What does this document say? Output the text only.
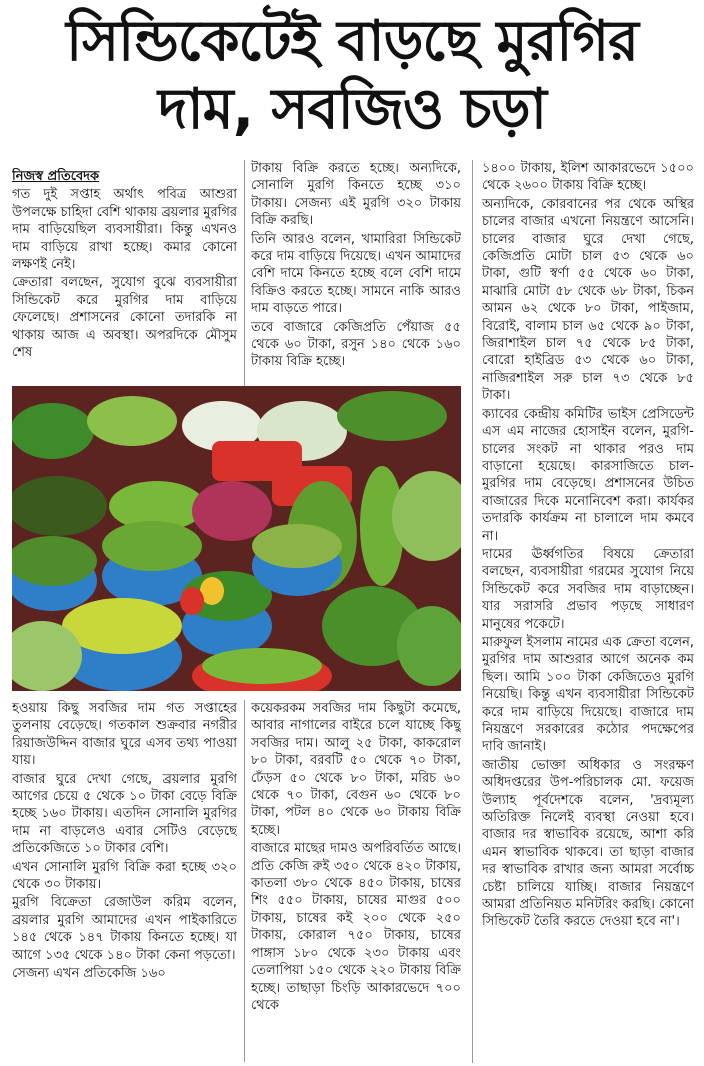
সিন্ডিকেটেই বাড়ছে মুরগির
দাম, সবজিও চড়া

নিজস্ব প্রতিবেদক

গত দুই সপ্তাহ অর্থাৎ পবিত্র আশুরা উপলক্ষে চাহিদা বেশি থাকায় ব্রয়লার মুরগির দাম বাড়িয়েছিল ব্যবসায়ীরা। কিন্তু এখনও দাম বাড়িয়ে রাখা হচ্ছে। কমার কোনো লক্ষণই নেই।

ক্রেতারা বলছেন, সুযোগ বুঝে ব্যবসায়ীরা সিন্ডিকেট করে মুরগির দাম বাড়িয়ে ফেলেছে। প্রশাসনের কোনো তদারকি না থাকায় আজ এ অবস্থা। অপরদিকে মৌসুম শেষ

টাকায় বিক্রি করতে হচ্ছে। অন্যদিকে, সোনালি মুরগি কিনতে হচ্ছে ৩১০ টাকায়। সেজন্য এই মুরগি ৩২০ টাকায় বিক্রি করছি।

তিনি আরও বলেন, খামারিরা সিন্ডিকেট করে দাম বাড়িয়ে দিয়েছে। এখন আমাদের বেশি দামে কিনতে হচ্ছে বলে বেশি দামে বিক্রিও করতে হচ্ছে। সামনে নাকি আরও দাম বাড়তে পারে।

তবে বাজারে কেজিপ্রতি পেঁয়াজ ৫৫ থেকে ৬০ টাকা, রসুন ১৪০ থেকে ১৬০ টাকায় বিক্রি হচ্ছে।

১৪০০ টাকায়, ইলিশ আকারভেদে ১৫০০ থেকে ২৬০০ টাকায় বিক্রি হচ্ছে।

অন্যদিকে, কোরবানের পর থেকে অস্থির চালের বাজার এখনো নিয়ন্ত্রণে আসেনি। চালের বাজার ঘুরে দেখা গেছে, কেজিপ্রতি মোটা চাল ৫৩ থেকে ৬০ টাকা, গুটি স্বর্ণা ৫৫ থেকে ৬০ টাকা, মাঝারি মোটা ৫৮ থেকে ৬৮ টাকা, চিকন আমন ৬২ থেকে ৮০ টাকা, পাইজাম, বিরোই, বালাম চাল ৬৫ থেকে ৯০ টাকা, জিরাশাইল চাল ৭৫ থেকে ৮৫ টাকা, বোরো হাইব্রিড ৫৩ থেকে ৬০ টাকা, নাজিরশাইল সরু চাল ৭৩ থেকে ৮৫ টাকা।

ক্যাবের কেন্দ্রীয় কমিটির ভাইস প্রেসিডেন্ট এস এম নাজের হোসাইন বলেন, মুরগি-চালের সংকট না থাকার পরও দাম বাড়ানো হয়েছে। কারসাজিতে চাল-মুরগির দাম বেড়েছে। প্রশাসনের উচিত বাজারের দিকে মনোনিবেশ করা। কার্যকর তদারকি কার্যক্রম না চালালে দাম কমবে না।

দামের ঊর্ধ্বগতির বিষয়ে ক্রেতারা বলছেন, ব্যবসায়ীরা গরমের সুযোগ নিয়ে সিন্ডিকেট করে সবজির দাম বাড়াচ্ছেন। যার সরাসরি প্রভাব পড়ছে সাধারণ মানুষের পকেটে।

মারুফুল ইসলাম নামের এক ক্রেতা বলেন, মুরগির দাম আশুরার আগে অনেক কম ছিল। আমি ১০০ টাকা কেজিতেও মুরগি নিয়েছি। কিন্তু এখন ব্যবসায়ীরা সিন্ডিকেট করে দাম বাড়িয়ে দিয়েছে। বাজারে দাম নিয়ন্ত্রণে সরকারের কঠোর পদক্ষেপের দাবি জানাই।

জাতীয় ভোক্তা অধিকার ও সংরক্ষণ অধিদপ্তরের উপ-পরিচালক মো. ফয়েজ উল্যাহ পূর্বদেশকে বলেন, 'দ্রব্যমূল্য অতিরিক্ত নিলেই ব্যবস্থা নেওয়া হবে। বাজার দর স্বাভাবিক রয়েছে, আশা করি এমন স্বাভাবিক থাকবে। তা ছাড়া বাজার দর স্বাভাবিক রাখার জন্য আমরা সর্বোচ্চ চেষ্টা চালিয়ে যাচ্ছি। বাজার নিয়ন্ত্রণে আমরা প্রতিনিয়ত মনিটরিং করছি। কোনো সিন্ডিকেট তৈরি করতে দেওয়া হবে না'।

হওয়ায় কিছু সবজির দাম গত সপ্তাহের তুলনায় বেড়েছে। গতকাল শুক্রবার নগরীর রিয়াজউদ্দিন বাজার ঘুরে এসব তথ্য পাওয়া যায়।

বাজার ঘুরে দেখা গেছে, ব্রয়লার মুরগি আগের চেয়ে ৫ থেকে ১০ টাকা বেড়ে বিক্রি হচ্ছে ১৬০ টাকায়। এতদিন সোনালি মুরগির দাম না বাড়লেও এবার সেটিও বেড়েছে প্রতিকেজিতে ১০ টাকার বেশি।

এখন সোনালি মুরগি বিক্রি করা হচ্ছে ৩২০ থেকে ৩০ টাকায়।

মুরগি বিক্রেতা রেজাউল করিম বলেন, ব্রয়লার মুরগি আমাদের এখন পাইকারিতে ১৪৫ থেকে ১৪৭ টাকায় কিনতে হচ্ছে। যা আগে ১৩৫ থেকে ১৪০ টাকা কেনা পড়তো।

সেজন্য এখন প্রতিকেজি ১৬০

কয়েকরকম সবজির দাম কিছুটা কমেছে, আবার নাগালের বাইরে চলে যাচ্ছে কিছু সবজির দাম। আলু ২৫ টাকা, কাকরোল ৮০ টাকা, বরবটি ৫০ থেকে ৭০ টাকা, ঢেঁড়স ৫০ থেকে ৮০ টাকা, মরিচ ৬০ থেকে ৭০ টাকা, বেগুন ৬০ থেকে ৮০ টাকা, পটল ৪০ থেকে ৬০ টাকায় বিক্রি হচ্ছে।

বাজারে মাছের দামও অপরিবর্তিত আছে। প্রতি কেজি রুই ৩৫০ থেকে ৪২০ টাকায়, কাতলা ৩৮০ থেকে ৪৫০ টাকায়, চাষের শিং ৫৫০ টাকায়, চাষের মাগুর ৫০০ টাকায়, চাষের কই ২০০ থেকে ২৫০ টাকায়, কোরাল ৭৫০ টাকায়, চাষের পাঙ্গাস ১৮০ থেকে ২৩০ টাকায় এবং তেলাপিয়া ১৫০ থেকে ২২০ টাকায় বিক্রি হচ্ছে। তাছাড়া চিংড়ি আকারভেদে ৭০০ থেকে
